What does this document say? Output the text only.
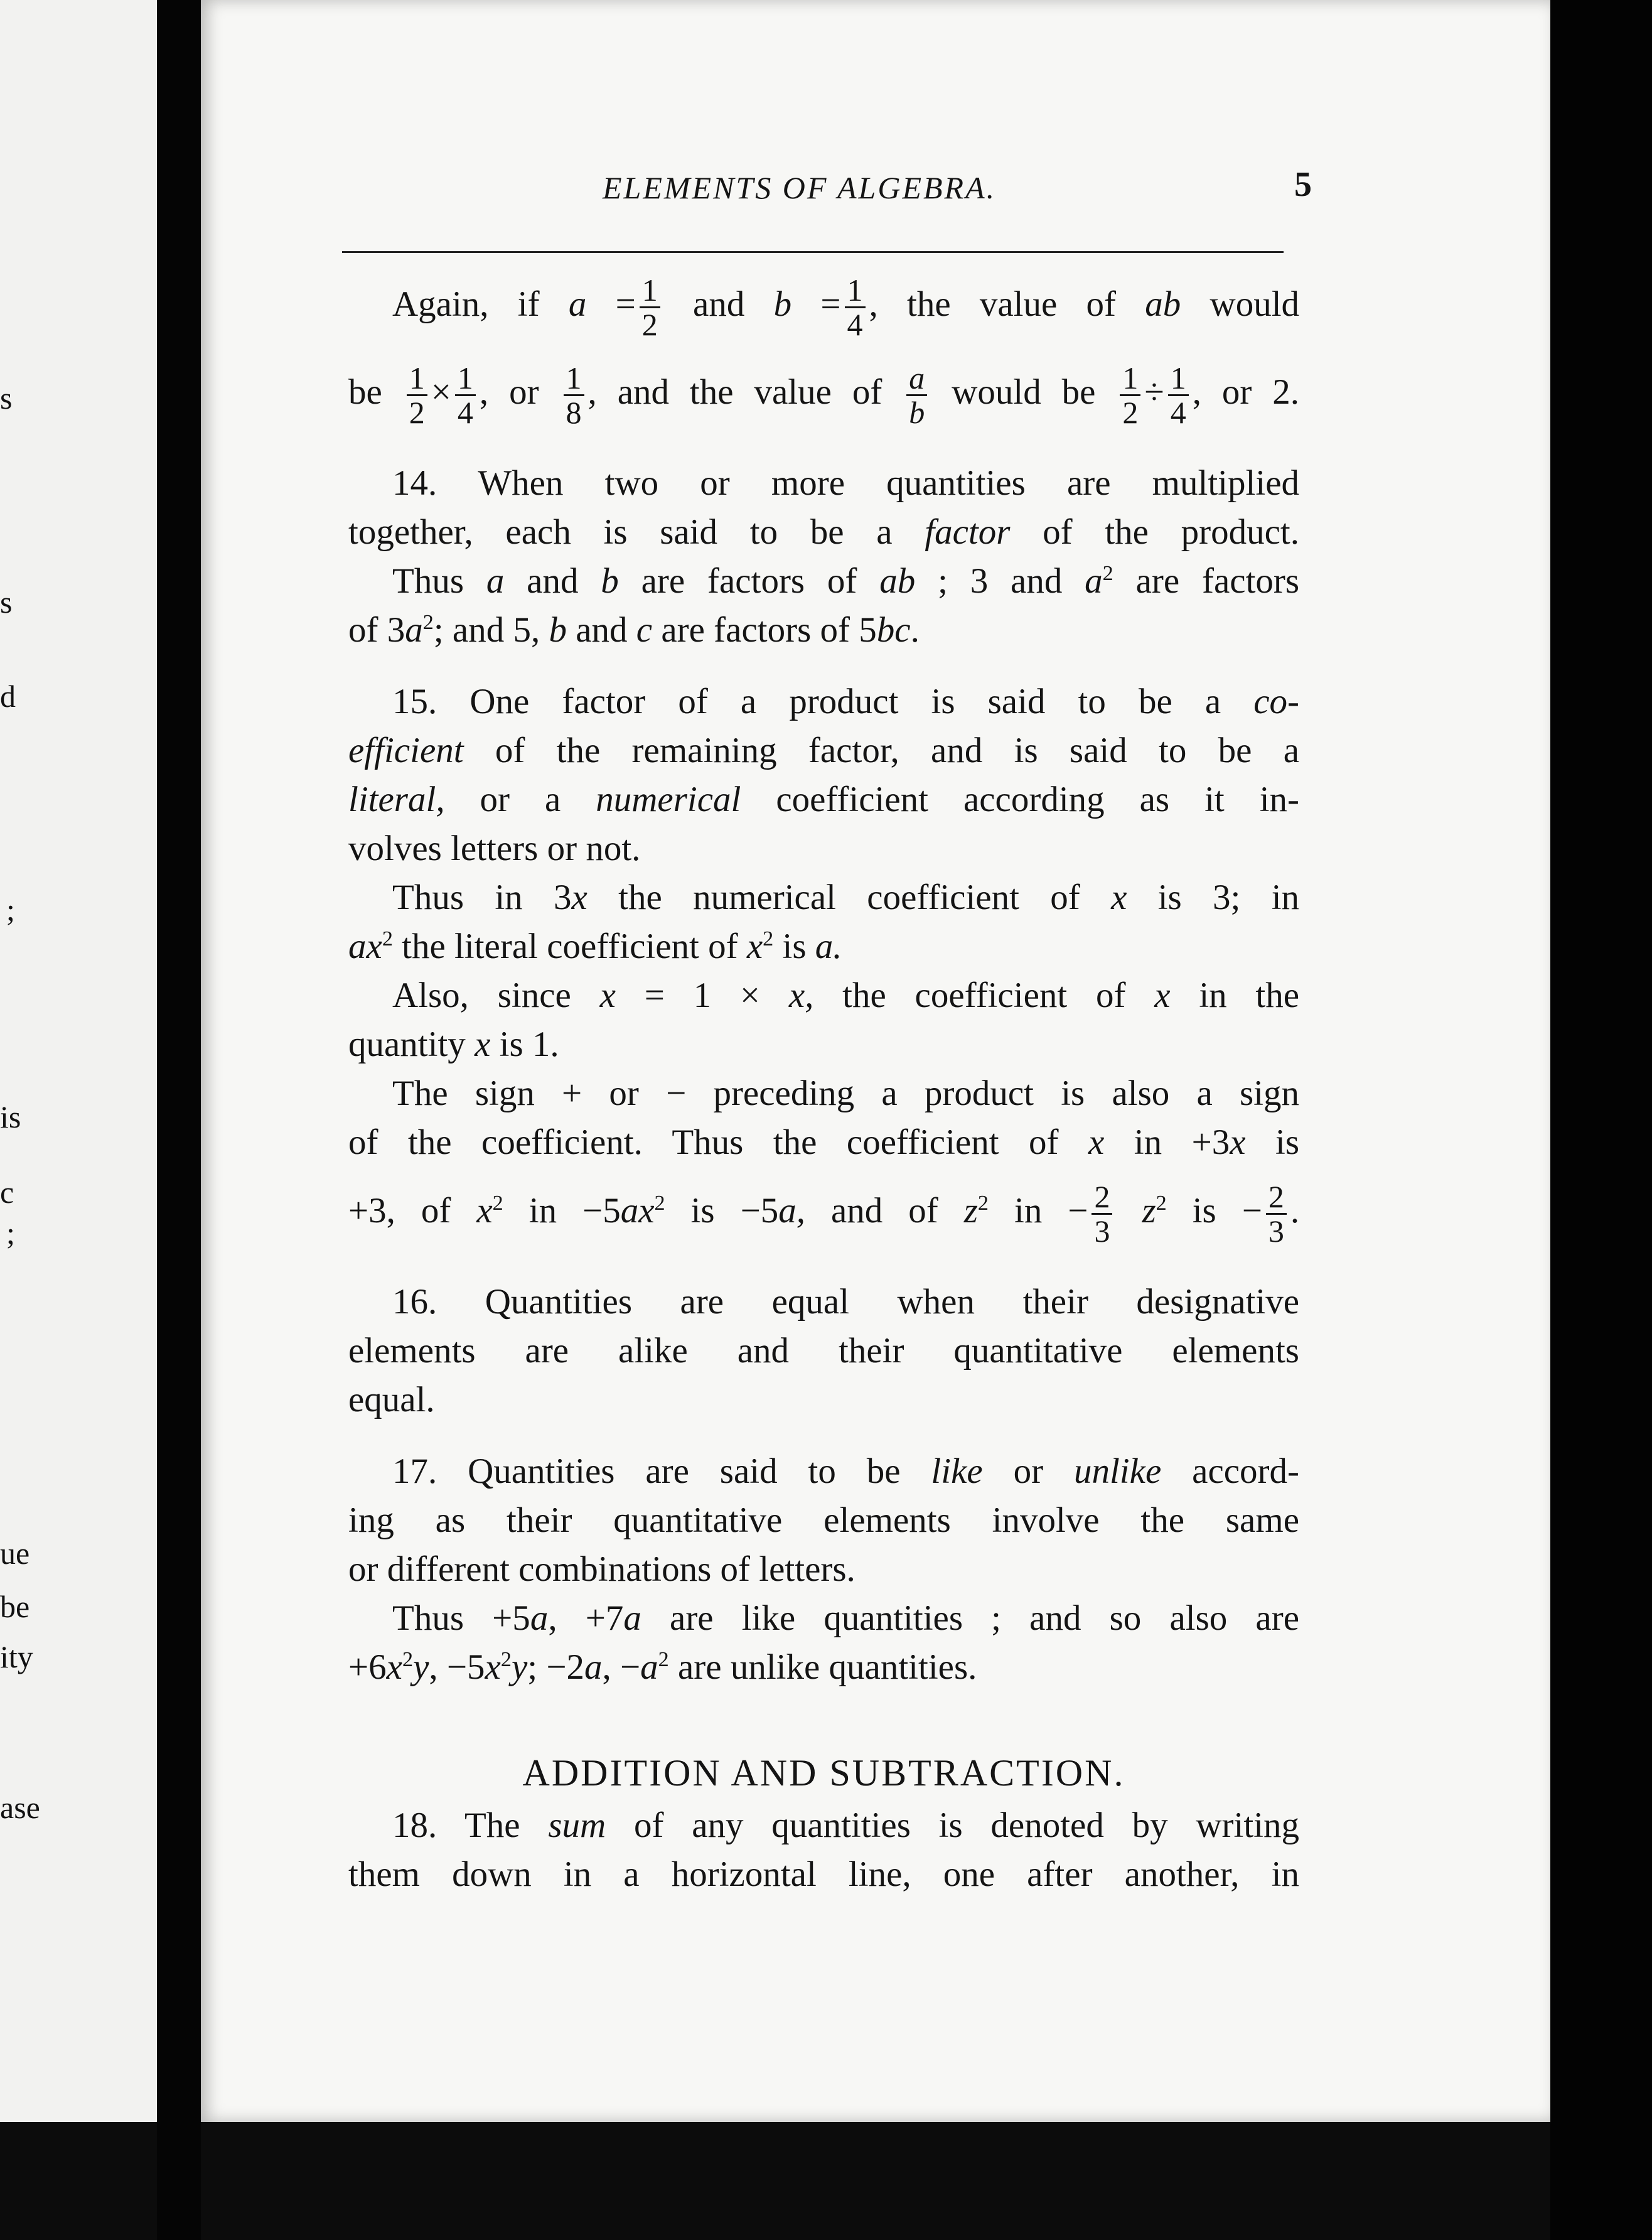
s
s
d
;
is
c
;
ue
be
ity
ase
ELEMENTS OF ALGEBRA.	5
Again, if $a = \frac{1}{2}$ and $b = \frac{1}{4}$ , the value of ab would
be $\frac{1}{2} \times \frac{1}{4}$ , or $\frac{1}{8}$ , and the value of $\frac{a}{b}$ would be $\frac{1}{2} \div \frac{1}{4}$ , or 2.
14. When two or more quantities are multiplied
together, each is said to be a factor of the product.
Thus a and b are factors of ab ; 3 and $a^2$ are factors
of $3a^2$; and 5, b and c are factors of 5bc.
15. One factor of a product is said to be a co-
efficient of the remaining factor, and is said to be a
literal, or a numerical coefficient according as it in-
volves letters or not.
Thus in 3x the numerical coefficient of x is 3; in
$ax^2$ the literal coefficient of $x^2$ is a.
Also, since x = 1 × x, the coefficient of x in the
quantity x is 1.
The sign + or − preceding a product is also a sign
of the coefficient. Thus the coefficient of x in +3x is
+3, of $x^2$ in $-5ax^2$ is −5a, and of $z^2$ in − $\frac{2}{3} z^2$ is − $\frac{2}{3}$ .
16. Quantities are equal when their designative
elements are alike and their quantitative elements
equal.
17. Quantities are said to be like or unlike accord-
ing as their quantitative elements involve the same
or different combinations of letters.
Thus +5a, +7a are like quantities ; and so also are
$+6x^2y$, $-5x^2y$; −2a, $-a^2$ are unlike quantities.
ADDITION AND SUBTRACTION.
18. The sum of any quantities is denoted by writing
them down in a horizontal line, one after another, in
